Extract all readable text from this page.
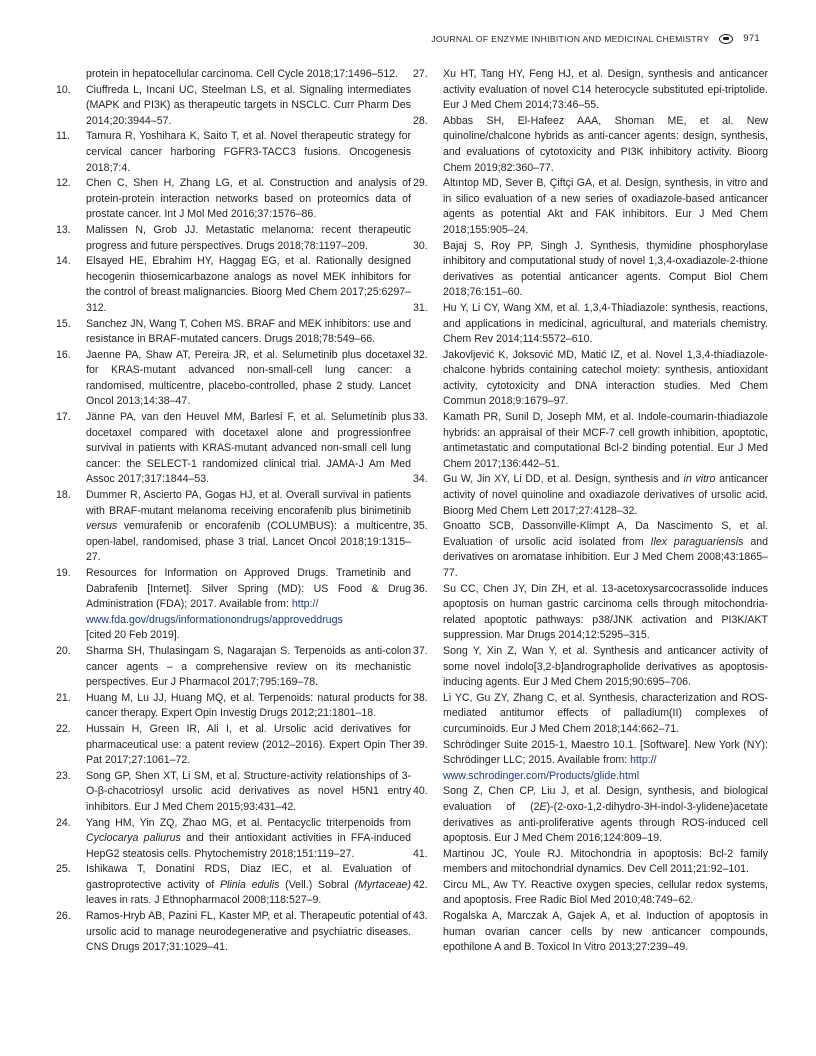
JOURNAL OF ENZYME INHIBITION AND MEDICINAL CHEMISTRY	971
protein in hepatocellular carcinoma. Cell Cycle 2018;17:1496–512.
10.	Ciuffreda L, Incani UC, Steelman LS, et al. Signaling intermediates (MAPK and PI3K) as therapeutic targets in NSCLC. Curr Pharm Des 2014;20:3944–57.
11.	Tamura R, Yoshihara K, Saito T, et al. Novel therapeutic strategy for cervical cancer harboring FGFR3-TACC3 fusions. Oncogenesis 2018;7:4.
12.	Chen C, Shen H, Zhang LG, et al. Construction and analysis of protein-protein interaction networks based on proteomics data of prostate cancer. Int J Mol Med 2016;37:1576–86.
13.	Malissen N, Grob JJ. Metastatic melanoma: recent therapeutic progress and future perspectives. Drugs 2018;78:1197–209.
14.	Elsayed HE, Ebrahim HY, Haggag EG, et al. Rationally designed hecogenin thiosemicarbazone analogs as novel MEK inhibitors for the control of breast malignancies. Bioorg Med Chem 2017;25:6297–312.
15.	Sanchez JN, Wang T, Cohen MS. BRAF and MEK inhibitors: use and resistance in BRAF-mutated cancers. Drugs 2018;78:549–66.
16.	Jaenne PA, Shaw AT, Pereira JR, et al. Selumetinib plus docetaxel for KRAS-mutant advanced non-small-cell lung cancer: a randomised, multicentre, placebo-controlled, phase 2 study. Lancet Oncol 2013;14:38–47.
17.	Jänne PA, van den Heuvel MM, Barlesi F, et al. Selumetinib plus docetaxel compared with docetaxel alone and progressionfree survival in patients with KRAS-mutant advanced non-small cell lung cancer: the SELECT-1 randomized clinical trial. JAMA-J Am Med Assoc 2017;317:1844–53.
18.	Dummer R, Ascierto PA, Gogas HJ, et al. Overall survival in patients with BRAF-mutant melanoma receiving encorafenib plus binimetinib versus vemurafenib or encorafenib (COLUMBUS): a multicentre, open-label, randomised, phase 3 trial. Lancet Oncol 2018;19:1315–27.
19.	Resources for Information on Approved Drugs. Trametinib and Dabrafenib [Internet]. Silver Spring (MD): US Food & Drug Administration (FDA); 2017. Available from: http://
www.fda.gov/drugs/informationondrugs/approveddrugs
[cited 20 Feb 2019].
20.	Sharma SH, Thulasingam S, Nagarajan S. Terpenoids as anti-colon cancer agents – a comprehensive review on its mechanistic perspectives. Eur J Pharmacol 2017;795:169–78.
21.	Huang M, Lu JJ, Huang MQ, et al. Terpenoids: natural products for cancer therapy. Expert Opin Investig Drugs 2012;21:1801–18.
22.	Hussain H, Green IR, Ali I, et al. Ursolic acid derivatives for pharmaceutical use: a patent review (2012–2016). Expert Opin Ther Pat 2017;27:1061–72.
23.	Song GP, Shen XT, Li SM, et al. Structure-activity relationships of 3-O-β-chacotriosyl ursolic acid derivatives as novel H5N1 entry inhibitors. Eur J Med Chem 2015;93:431–42.
24.	Yang HM, Yin ZQ, Zhao MG, et al. Pentacyclic triterpenoids from Cyclocarya paliurus and their antioxidant activities in FFA-induced HepG2 steatosis cells. Phytochemistry 2018;151:119–27.
25.	Ishikawa T, Donatini RDS, Diaz IEC, et al. Evaluation of gastroprotective activity of Plinia edulis (Vell.) Sobral (Myrtaceae) leaves in rats. J Ethnopharmacol 2008;118:527–9.
26.	Ramos-Hryb AB, Pazini FL, Kaster MP, et al. Therapeutic potential of ursolic acid to manage neurodegenerative and psychiatric diseases. CNS Drugs 2017;31:1029–41.
27.	Xu HT, Tang HY, Feng HJ, et al. Design, synthesis and anticancer activity evaluation of novel C14 heterocycle substituted epi-triptolide. Eur J Med Chem 2014;73:46–55.
28.	Abbas SH, El-Hafeez AAA, Shoman ME, et al. New quinoline/chalcone hybrids as anti-cancer agents: design, synthesis, and evaluations of cytotoxicity and PI3K inhibitory activity. Bioorg Chem 2019;82:360–77.
29.	Altıntop MD, Sever B, Çiftçi GA, et al. Design, synthesis, in vitro and in silico evaluation of a new series of oxadiazole-based anticancer agents as potential Akt and FAK inhibitors. Eur J Med Chem 2018;155:905–24.
30.	Bajaj S, Roy PP, Singh J. Synthesis, thymidine phosphorylase inhibitory and computational study of novel 1,3,4-oxadiazole-2-thione derivatives as potential anticancer agents. Comput Biol Chem 2018;76:151–60.
31.	Hu Y, Li CY, Wang XM, et al. 1,3,4-Thiadiazole: synthesis, reactions, and applications in medicinal, agricultural, and materials chemistry. Chem Rev 2014;114:5572–610.
32.	Jakovljević K, Joksović MD, Matić IZ, et al. Novel 1,3,4-thiadiazole-chalcone hybrids containing catechol moiety: synthesis, antioxidant activity, cytotoxicity and DNA interaction studies. Med Chem Commun 2018;9:1679–97.
33.	Kamath PR, Sunil D, Joseph MM, et al. Indole-coumarin-thiadiazole hybrids: an appraisal of their MCF-7 cell growth inhibition, apoptotic, antimetastatic and computational Bcl-2 binding potential. Eur J Med Chem 2017;136:442–51.
34.	Gu W, Jin XY, Li DD, et al. Design, synthesis and in vitro anticancer activity of novel quinoline and oxadiazole derivatives of ursolic acid. Bioorg Med Chem Lett 2017;27:4128–32.
35.	Gnoatto SCB, Dassonville-Klimpt A, Da Nascimento S, et al. Evaluation of ursolic acid isolated from Ilex paraguariensis and derivatives on aromatase inhibition. Eur J Med Chem 2008;43:1865–77.
36.	Su CC, Chen JY, Din ZH, et al. 13-acetoxysarcocrassolide induces apoptosis on human gastric carcinoma cells through mitochondria-related apoptotic pathways: p38/JNK activation and PI3K/AKT suppression. Mar Drugs 2014;12:5295–315.
37.	Song Y, Xin Z, Wan Y, et al. Synthesis and anticancer activity of some novel indolo[3,2-b]andrographolide derivatives as apoptosis-inducing agents. Eur J Med Chem 2015;90:695–706.
38.	Li YC, Gu ZY, Zhang C, et al. Synthesis, characterization and ROS-mediated antitumor effects of palladium(II) complexes of curcuminoids. Eur J Med Chem 2018;144:662–71.
39.	Schrödinger Suite 2015-1, Maestro 10.1. [Software]. New York (NY): Schrödinger LLC; 2015. Available from: http://
www.schrodinger.com/Products/glide.html
40.	Song Z, Chen CP, Liu J, et al. Design, synthesis, and biological evaluation of (2E)-(2-oxo-1,2-dihydro-3H-indol-3-ylidene)acetate derivatives as anti-proliferative agents through ROS-induced cell apoptosis. Eur J Med Chem 2016;124:809–19.
41.	Martinou JC, Youle RJ. Mitochondria in apoptosis: Bcl-2 family members and mitochondrial dynamics. Dev Cell 2011;21:92–101.
42.	Circu ML, Aw TY. Reactive oxygen species, cellular redox systems, and apoptosis. Free Radic Biol Med 2010;48:749–62.
43.	Rogalska A, Marczak A, Gajek A, et al. Induction of apoptosis in human ovarian cancer cells by new anticancer compounds, epothilone A and B. Toxicol In Vitro 2013;27:239–49.
